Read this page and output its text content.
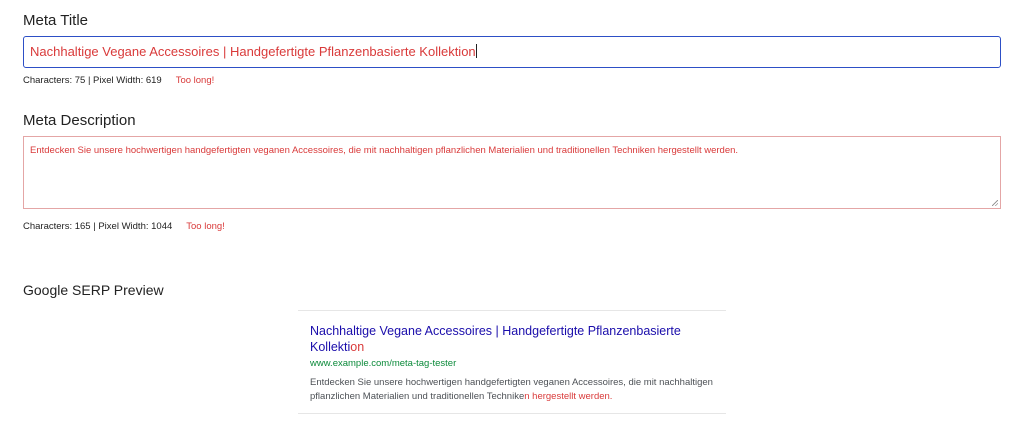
Meta Title
Nachhaltige Vegane Accessoires | Handgefertigte Pflanzenbasierte Kollektion
Characters: 75 | Pixel Width: 619 Too long!
Meta Description
Entdecken Sie unsere hochwertigen handgefertigten veganen Accessoires, die mit nachhaltigen pflanzlichen Materialien und traditionellen Techniken hergestellt werden.
Characters: 165 | Pixel Width: 1044 Too long!
Google SERP Preview
Nachhaltige Vegane Accessoires | Handgefertigte Pflanzenbasierte Kollektion
www.example.com/meta-tag-tester
Entdecken Sie unsere hochwertigen handgefertigten veganen Accessoires, die mit nachhaltigen pflanzlichen Materialien und traditionellen Techniken hergestellt werden.
